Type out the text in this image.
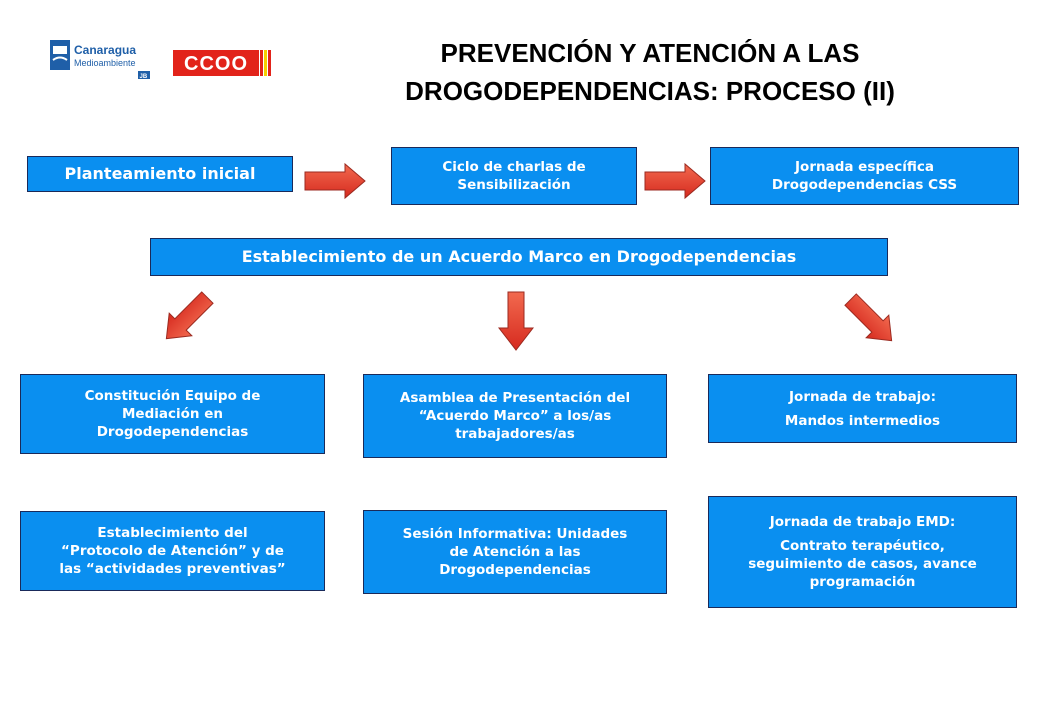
Canaragua
Medioambiente
JB
CCOO	PREVENCIÓN Y ATENCIÓN A LAS
DROGODEPENDENCIAS: PROCESO (II)
Planteamiento inicial	Ciclo de charlas de
Sensibilización
Jornada específica
Drogodependencias CSS
Establecimiento de un Acuerdo Marco en Drogodependencias
Constitución Equipo de
Mediación en
Drogodependencias
Asamblea de Presentación del
“Acuerdo Marco” a los/as
trabajadores/as
Jornada de trabajo:
Mandos intermedios
Establecimiento del
“Protocolo de Atención” y de
las “actividades preventivas”
Sesión Informativa: Unidades
de Atención a las
Drogodependencias
Jornada de trabajo EMD:
Contrato terapéutico,
seguimiento de casos, avance
programación
